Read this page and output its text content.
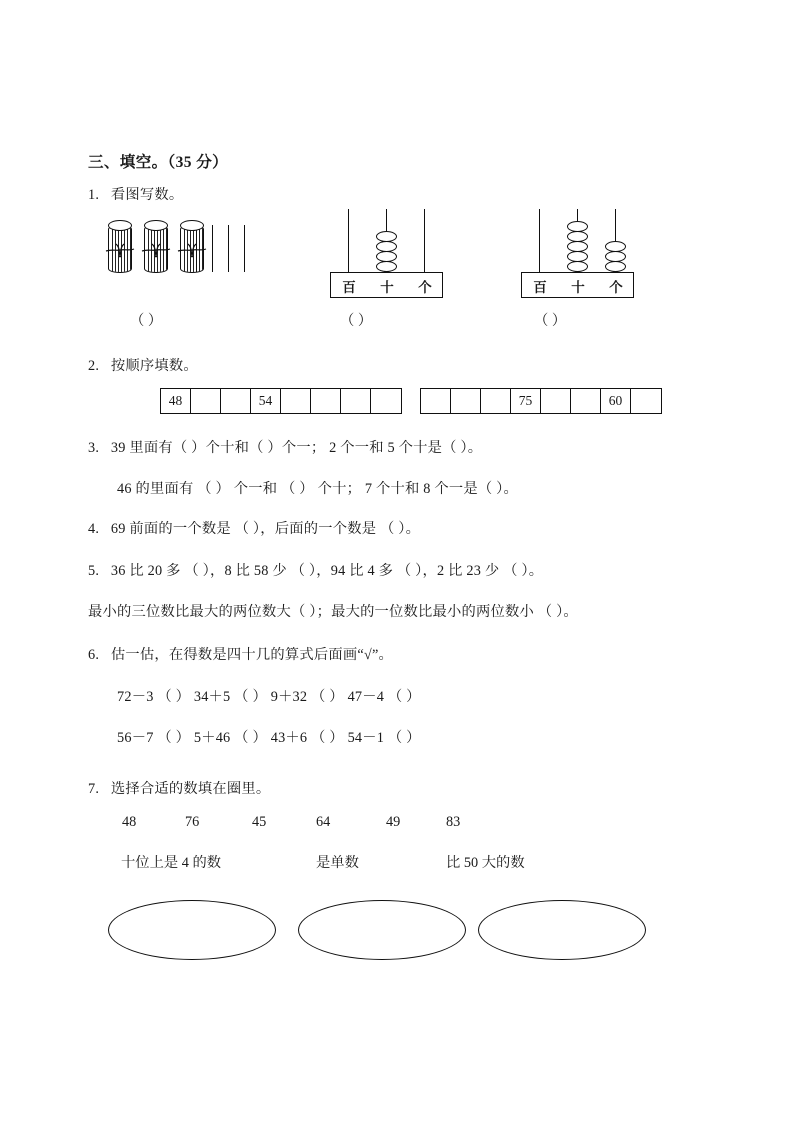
三、填空。（35 分）
1. 看图写数。
百 十 个	百 十 个
（ ）	（ ）	（ ）
2. 按顺序填数。
48	54	75	60
3. 39 里面有（ ）个十和（ ）个一； 2 个一和 5 个十是（ ）。
46 的里面有 （ ） 个一和 （ ） 个十； 7 个十和 8 个一是（ ）。
4. 69 前面的一个数是 （ ），后面的一个数是 （ ）。
5. 36 比 20 多 （ ），8 比 58 少 （ ），94 比 4 多 （ ），2 比 23 少 （ ）。
最小的三位数比最大的两位数大（ ）；最大的一位数比最小的两位数小 （ ）。
6. 估一估，在得数是四十几的算式后面画“√”。
72－3 （ ） 34＋5 （ ） 9＋32 （ ） 47－4 （ ）
56－7 （ ） 5＋46 （ ） 43＋6 （ ） 54－1 （ ）
7. 选择合适的数填在圈里。
48	76	45	64	49	83
十位上是 4 的数	是单数	比 50 大的数
